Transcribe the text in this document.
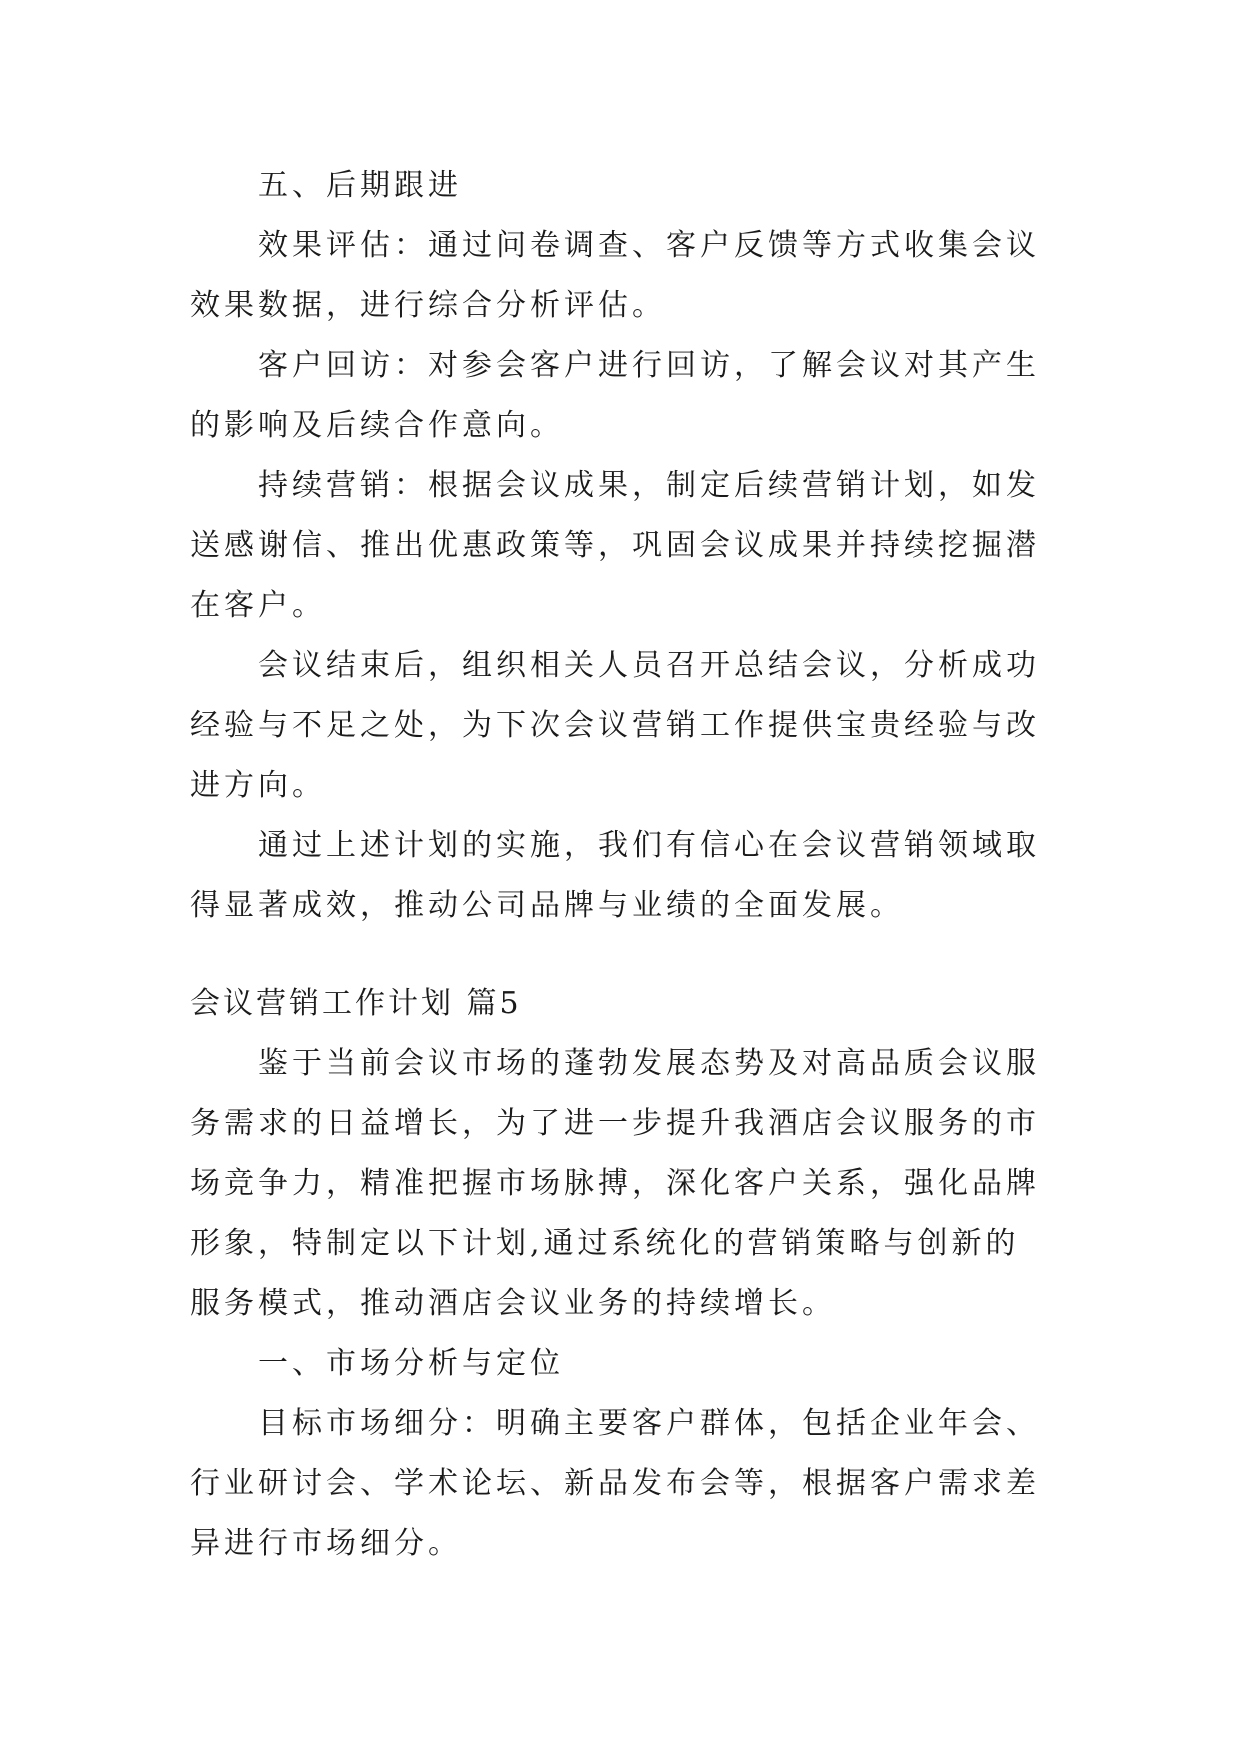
五、后期跟进

效果评估：通过问卷调查、客户反馈等方式收集会议效果数据，进行综合分析评估。

客户回访：对参会客户进行回访，了解会议对其产生的影响及后续合作意向。

持续营销：根据会议成果，制定后续营销计划，如发送感谢信、推出优惠政策等，巩固会议成果并持续挖掘潜在客户。

会议结束后，组织相关人员召开总结会议，分析成功经验与不足之处，为下次会议营销工作提供宝贵经验与改进方向。

通过上述计划的实施，我们有信心在会议营销领域取得显著成效，推动公司品牌与业绩的全面发展。

会议营销工作计划 篇5

鉴于当前会议市场的蓬勃发展态势及对高品质会议服务需求的日益增长，为了进一步提升我酒店会议服务的市场竞争力，精准把握市场脉搏，深化客户关系，强化品牌形象，特制定以下计划,通过系统化的营销策略与创新的服务模式，推动酒店会议业务的持续增长。

一、市场分析与定位

目标市场细分：明确主要客户群体，包括企业年会、行业研讨会、学术论坛、新品发布会等，根据客户需求差异进行市场细分。
